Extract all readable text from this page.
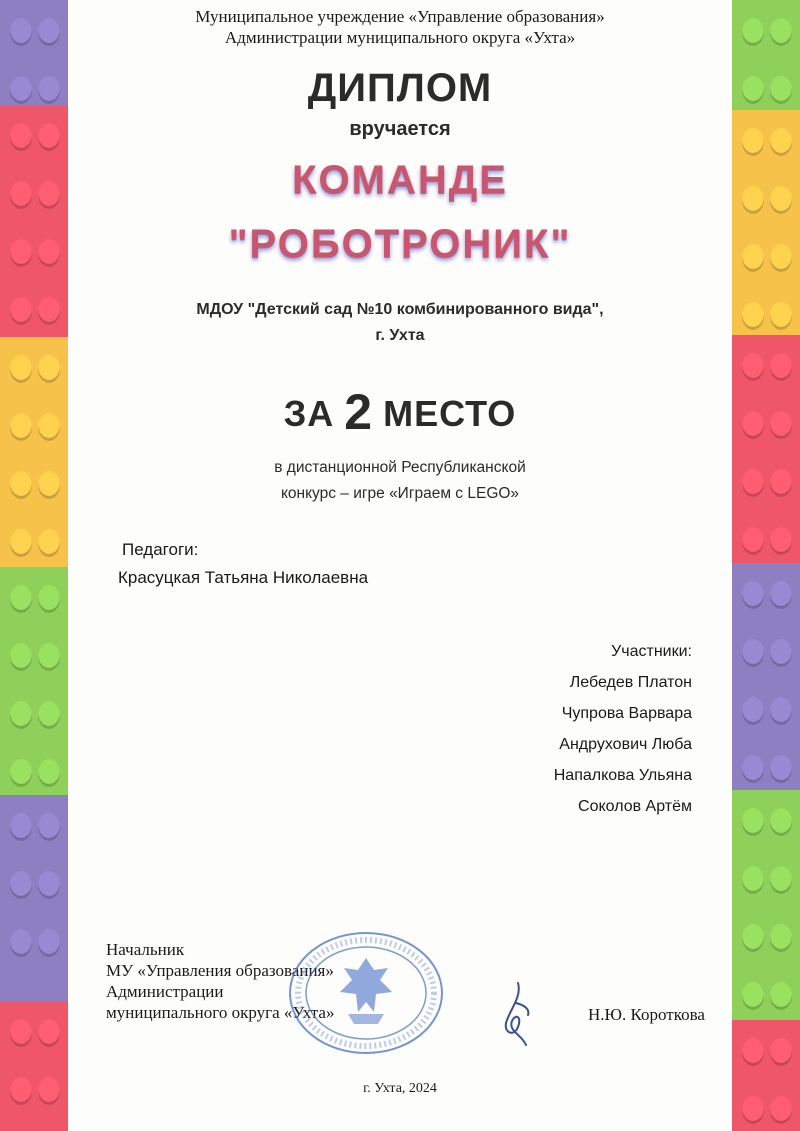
Муниципальное учреждение «Управление образования»
Администрации муниципального округа «Ухта»
ДИПЛОМ
вручается
КОМАНДЕ
"РОБОТРОНИК"
МДОУ "Детский сад №10 комбинированного вида",
г. Ухта
ЗА 2 МЕСТО
в дистанционной Республиканской
конкурс – игре «Играем с LEGO»
Педагоги:
Красуцкая Татьяна Николаевна
Участники:
Лебедев Платон
Чупрова Варвара
Андрухович Люба
Напалкова Ульяна
Соколов Артём
Начальник
МУ «Управления образования»
Администрации
муниципального округа «Ухта»	Н.Ю. Короткова
г. Ухта, 2024
